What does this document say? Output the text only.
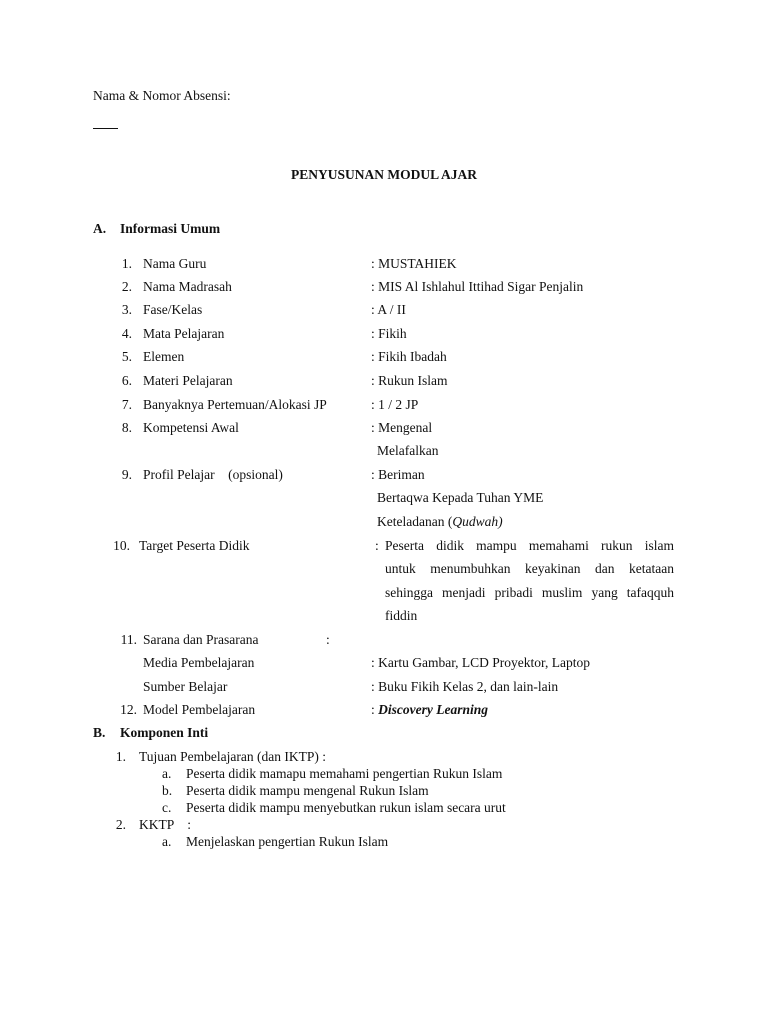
Nama & Nomor Absensi:
PENYUSUNAN MODUL AJAR
A. Informasi Umum
1. Nama Guru	: MUSTAHIEK
2. Nama Madrasah	: MIS Al Ishlahul Ittihad Sigar Penjalin
3. Fase/Kelas	: A / II
4. Mata Pelajaran	: Fikih
5. Elemen	: Fikih Ibadah
6. Materi Pelajaran	: Rukun Islam
7. Banyaknya Pertemuan/Alokasi JP	: 1 / 2 JP
8. Kompetensi Awal	: Mengenal
Melafalkan
9. Profil Pelajar    (opsional)	: Beriman
Bertaqwa Kepada Tuhan YME
Keteladanan (Qudwah)
10. Target Peserta Didik	: Peserta didik mampu memahami rukun islam
untuk menumbuhkan keyakinan dan ketataan
sehingga menjadi pribadi muslim yang tafaqquh
fiddin
11. Sarana dan Prasarana	:
Media Pembelajaran	: Kartu Gambar, LCD Proyektor, Laptop
Sumber Belajar	: Buku Fikih Kelas 2, dan lain-lain
12. Model Pembelajaran	: Discovery Learning
B. Komponen Inti
1. Tujuan Pembelajaran (dan IKTP) :
a. Peserta didik mamapu memahami pengertian Rukun Islam
b. Peserta didik mampu mengenal Rukun Islam
c. Peserta didik mampu menyebutkan rukun islam secara urut
2. KKTP    :
a. Menjelaskan pengertian Rukun Islam
